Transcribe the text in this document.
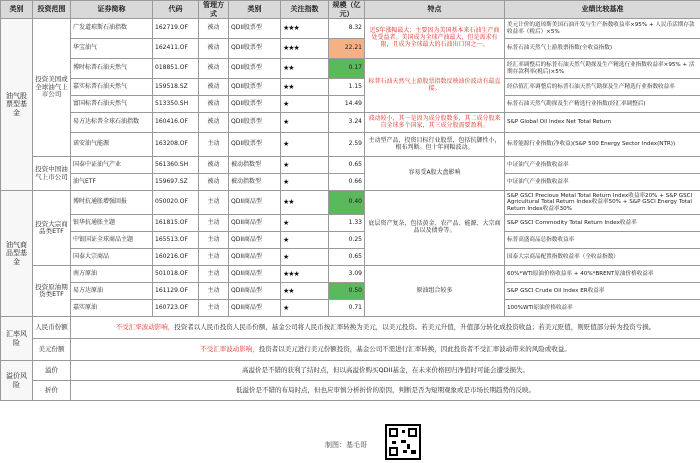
类别	投资范围	证券简称	代码	管理方式	类别	关注指数	规模（亿元）	特点	业绩比较基准
油气股票型基金	投资美国或全球油气上市公司	广发道琼斯石油指数	162719.OF	被动	QDII股票型	★★★	8.32	近5年涨幅最大；主要因为美国基本来石油生产商处受益者。美国成为全球产油最大，但是需求有限，且成为全球最大的石油出口国之一。	美元计价的道琼斯美国石油开发与生产指数收益率×95% + 人民币活期存款收益率（税后）×5%
		华宝油气	162411.OF	被动	QDII股票型	★★★	22.21		标普石油天然气上游股票指数(全收益指数)
		博时标普石油天然气	018851.OF	被动	QDII股票型	★★	0.17	标普石油天然气上游股票指数反映油价波动有最直接。	经汇率调整后的标普石油天然气勘探及生产精选行业指数收益率×95% + 活期存款利率(税后)×5%
		嘉实标普石油天然气	159518.SZ	被动	QDII股票型	★★	1.15		经估值汇率调整后的标普石油天然气勘探及生产精选行业指数收益率
		富国标普石油天然气	513350.SH	被动	QDII股票型	★	14.49		标普石油天然气勘探及生产精选行业指数(经汇率调整后)
		易方达标普全球石油指数	160416.OF	被动	QDII股票型	★	3.24	波动较小，其一是因为成分股数多，其二成分股来自全球多个国家，其三成分股需要盈利。	S&P Global Oil Index Net Total Return
		诺安油气能源	163208.OF	主动	QDII股票型	★	2.59	主动型产品，投资目标行业股票，包括抗御性小，根布判断。但十年间幅波动。	标普能源行业指数(净收益)(S&P 500 Energy Sector Index(NTR))
	投资中国油气上市公司	国泰中证油气产业	561360.SH	被动	被动指数型	★	0.65	容易受A股大盘影响	中证油气产业指数收益率
		油气ETF	159697.SZ	被动	被动指数型	★	0.66		中证油气产业指数收益率
油气商品型基金	投资大宗商品类ETF	博时抗通胀增强回报	050020.OF	主动	QDII商品型	★★	0.40	底层资产复杂，包括黄金、农产品、能源、大宗商品以及债券等。	S&P GSCI Precious Metal Total Return Index收益率20% + S&P GSCI Agricultural Total Return Index收益率50% + S&P GSCI Energy Total Return Index收益率30%
		银华抗通胀主题	161815.OF	主动	QDII商品型	★	1.33		S&P GSCI Commodity Total Return Index收益率
		中银国证全球商品主题	165513.OF	主动	QDII商品型	★	0.25		标普高盛商品总指数收益率
		国泰大宗商品	160216.OF	主动	QDII商品型	★	0.65		国泰大宗商品配置指数收益率（全收益指数）
	投资原油期货类ETF	南方原油	501018.OF	主动	QDII商品型	★★★	3.09	原油组合较多	60%*WTI原油价格收益率 + 40%*BRENT原油价格收益率
		易方达原油	161129.OF	主动	QDII商品型	★★	0.50		S&P GSCI Crude Oil Index ER收益率
		嘉实原油	160723.OF	主动	QDII商品型	★	0.71		100%WTI原油价格收益率
汇率风险	人民币份额	不受汇率波动影响，投资者以人民币投资人民币份额，基金公司将人民币按汇率转换为美元，以美元投资。若美元升值，升值部分转化成投资收益；若美元贬值，则贬值部分转为投资亏损。							
	美元份额	不受汇率波动影响，投资者以美元进行美元份额投资，基金公司不需进行汇率转换，因此投资者不受汇率波动带来的风险或收益。							
溢价风险	溢价	高溢价是不错的获利了结时点，但以高溢价购买QDII基金，在未来价格回归净值时可能会遭受损失。							
	折价	低溢价是不错的布局时点，但也应审慎分析折价的原因，判断是否为短期观象或是市场长期趋势的反映。							
制图：基毛哥
